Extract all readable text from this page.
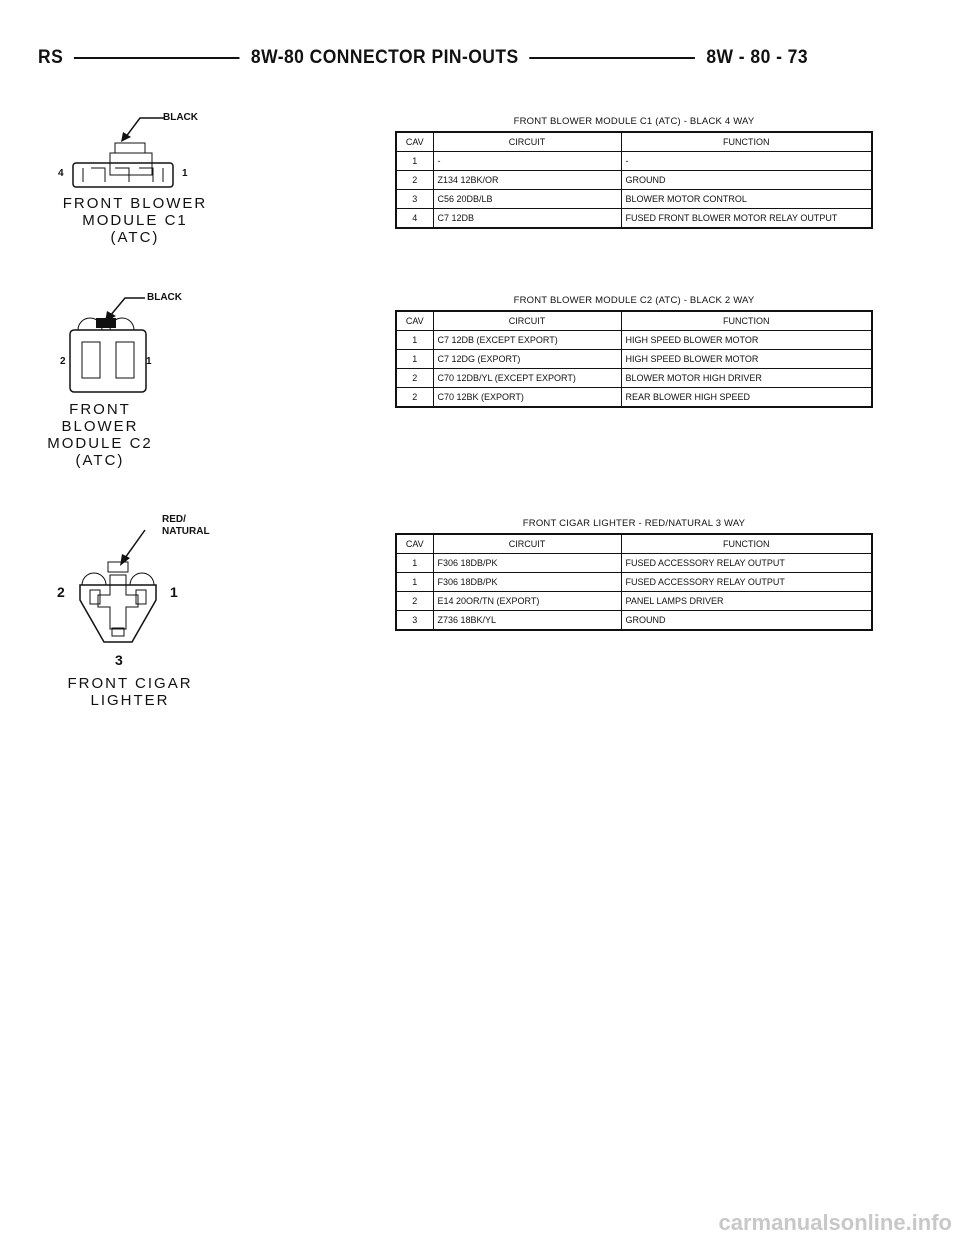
RS	8W-80 CONNECTOR PIN-OUTS	8W - 80 - 73
BLACK
4	1
FRONT BLOWER
MODULE C1
(ATC)
FRONT BLOWER MODULE C1 (ATC) - BLACK 4 WAY
CAV	CIRCUIT	FUNCTION
1	-	-
2	Z134 12BK/OR	GROUND
3	C56 20DB/LB	BLOWER MOTOR CONTROL
4	C7 12DB	FUSED FRONT BLOWER MOTOR RELAY OUTPUT
BLACK
2	1
FRONT
BLOWER
MODULE C2
(ATC)
FRONT BLOWER MODULE C2 (ATC) - BLACK 2 WAY
CAV	CIRCUIT	FUNCTION
1	C7 12DB (EXCEPT EXPORT)	HIGH SPEED BLOWER MOTOR
1	C7 12DG (EXPORT)	HIGH SPEED BLOWER MOTOR
2	C70 12DB/YL (EXCEPT EXPORT)	BLOWER MOTOR HIGH DRIVER
2	C70 12BK (EXPORT)	REAR BLOWER HIGH SPEED
RED/
NATURAL
2	1
3
FRONT CIGAR
LIGHTER
FRONT CIGAR LIGHTER - RED/NATURAL 3 WAY
CAV	CIRCUIT	FUNCTION
1	F306 18DB/PK	FUSED ACCESSORY RELAY OUTPUT
1	F306 18DB/PK	FUSED ACCESSORY RELAY OUTPUT
2	E14 20OR/TN (EXPORT)	PANEL LAMPS DRIVER
3	Z736 18BK/YL	GROUND
carmanualsonline.info
